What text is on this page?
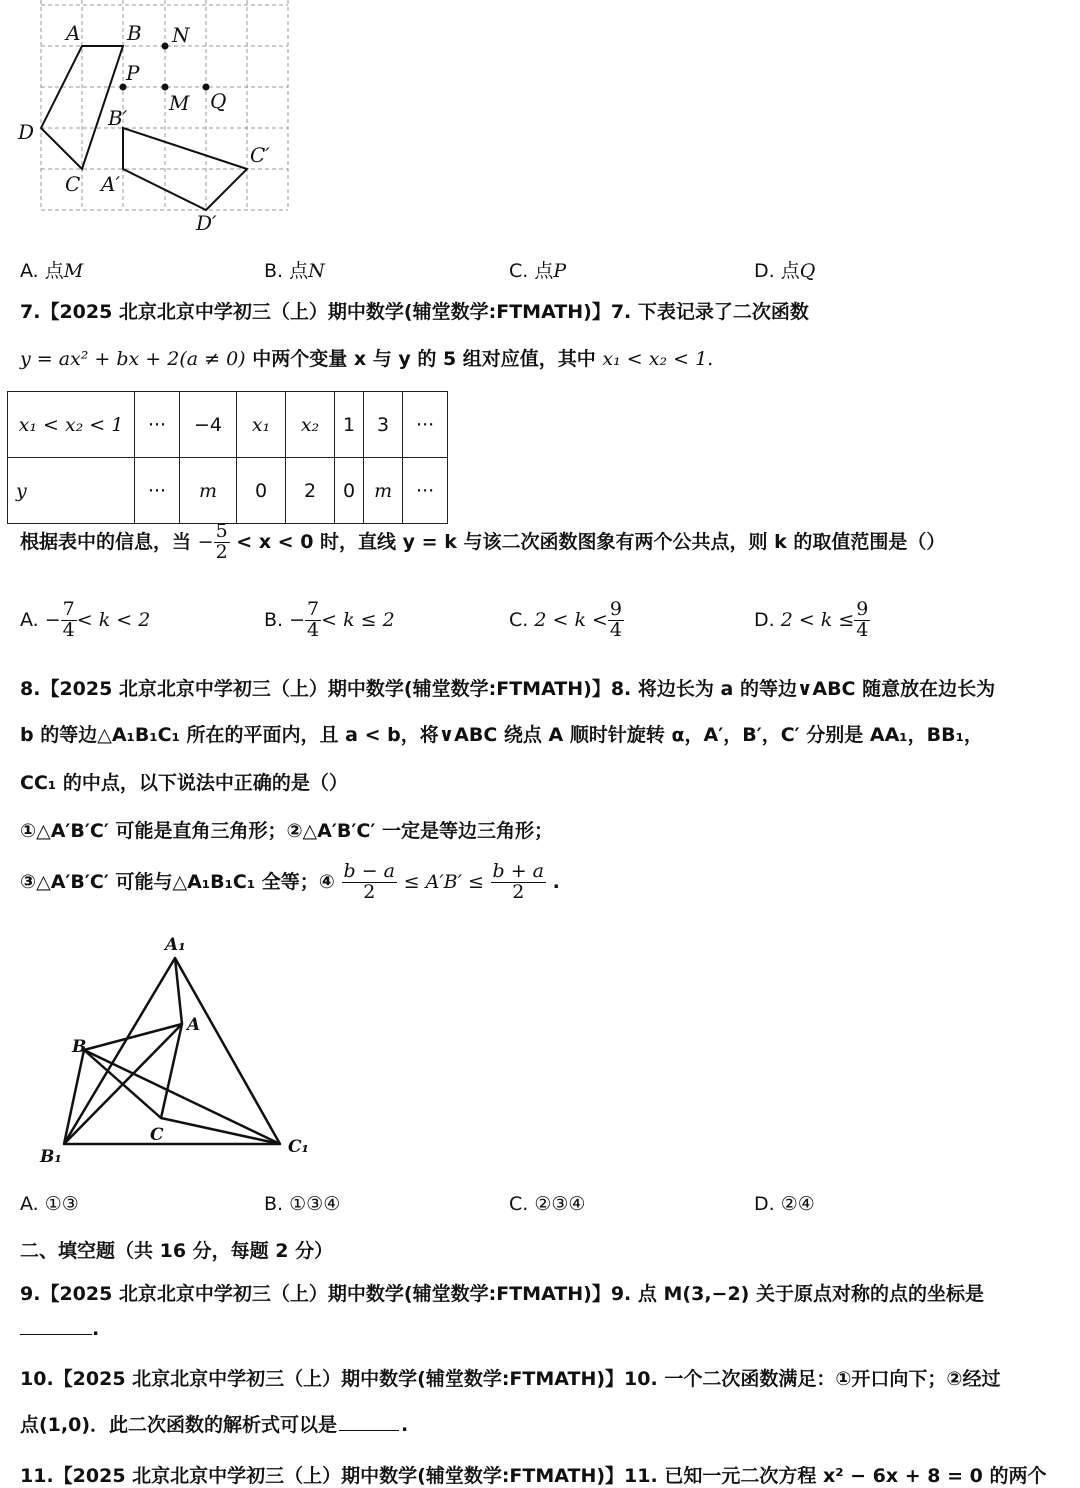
A B N
P
M Q
D
B′
C′
C A′
D′
A. 点M	B. 点N	C. 点P	D. 点Q
7.【2025 北京北京中学初三（上）期中数学(辅堂数学:FTMATH)】7. 下表记录了二次函数
y = ax² + bx + 2(a ≠ 0) 中两个变量 x 与 y 的 5 组对应值，其中 x₁ < x₂ < 1.
x₁ < x₂ < 1	···	−4	x₁	x₂	1	3	···
y	···	m	0	2	0	m	···
根据表中的信息，当 − $\frac{5}{2} < x < 0$ 时，直线 y = k 与该二次函数图象有两个公共点，则 k 的取值范围是（）
A. − $\frac{7}{4} < k < 2$	B. − $\frac{7}{4} < k \le 2$	C. $2 < k < \frac{9}{4}$	D. $2 < k \le \frac{9}{4}$
8.【2025 北京北京中学初三（上）期中数学(辅堂数学:FTMATH)】8. 将边长为 a 的等边∨ABC 随意放在边长为
b 的等边△A₁B₁C₁ 所在的平面内，且 a < b，将∨ABC 绕点 A 顺时针旋转 α，A′，B′，C′ 分别是 AA₁，BB₁，
CC₁ 的中点，以下说法中正确的是（）
①△A′B′C′ 可能是直角三角形；②△A′B′C′ 一定是等边三角形；
③△A′B′C′ 可能与△A₁B₁C₁ 全等；④ $\frac{b - a}{2} \le A'B' \le \frac{b + a}{2}$ .
A₁
A
B
C
B₁	C₁
A. ①③	B. ①③④	C. ②③④	D. ②④
二、填空题（共 16 分，每题 2 分）
9.【2025 北京北京中学初三（上）期中数学(辅堂数学:FTMATH)】9. 点 M(3,−2) 关于原点对称的点的坐标是
.
10.【2025 北京北京中学初三（上）期中数学(辅堂数学:FTMATH)】10. 一个二次函数满足：①开口向下；②经过
点(1,0)．此二次函数的解析式可以是	.
11.【2025 北京北京中学初三（上）期中数学(辅堂数学:FTMATH)】11. 已知一元二次方程 x² − 6x + 8 = 0 的两个
